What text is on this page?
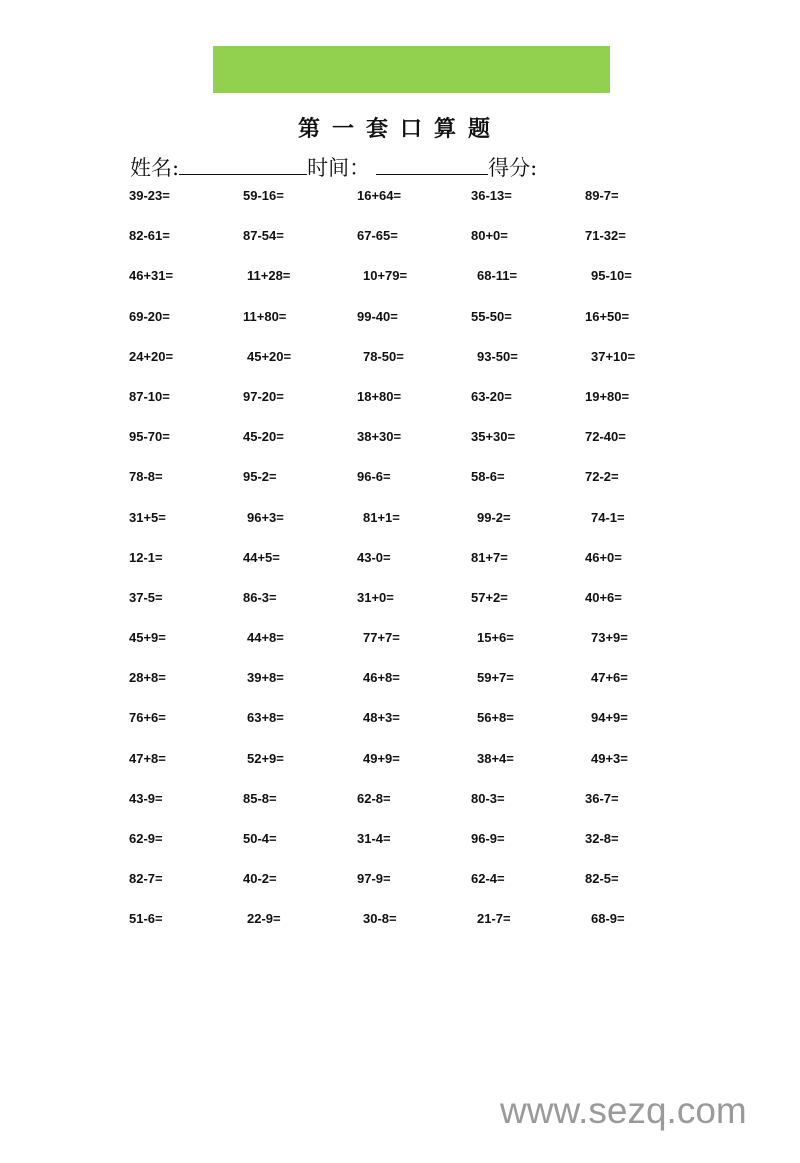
第一套口算题
姓名:	时间：	得分:
39-23=	59-16=	16+64=	36-13=	89-7=
82-61=	87-54=	67-65=	80+0=	71-32=
46+31=	11+28=	10+79=	68-11=	95-10=
69-20=	11+80=	99-40=	55-50=	16+50=
24+20=	45+20=	78-50=	93-50=	37+10=
87-10=	97-20=	18+80=	63-20=	19+80=
95-70=	45-20=	38+30=	35+30=	72-40=
78-8=	95-2=	96-6=	58-6=	72-2=
31+5=	96+3=	81+1=	99-2=	74-1=
12-1=	44+5=	43-0=	81+7=	46+0=
37-5=	86-3=	31+0=	57+2=	40+6=
45+9=	44+8=	77+7=	15+6=	73+9=
28+8=	39+8=	46+8=	59+7=	47+6=
76+6=	63+8=	48+3=	56+8=	94+9=
47+8=	52+9=	49+9=	38+4=	49+3=
43-9=	85-8=	62-8=	80-3=	36-7=
62-9=	50-4=	31-4=	96-9=	32-8=
82-7=	40-2=	97-9=	62-4=	82-5=
51-6=	22-9=	30-8=	21-7=	68-9=
www.sezq.com
